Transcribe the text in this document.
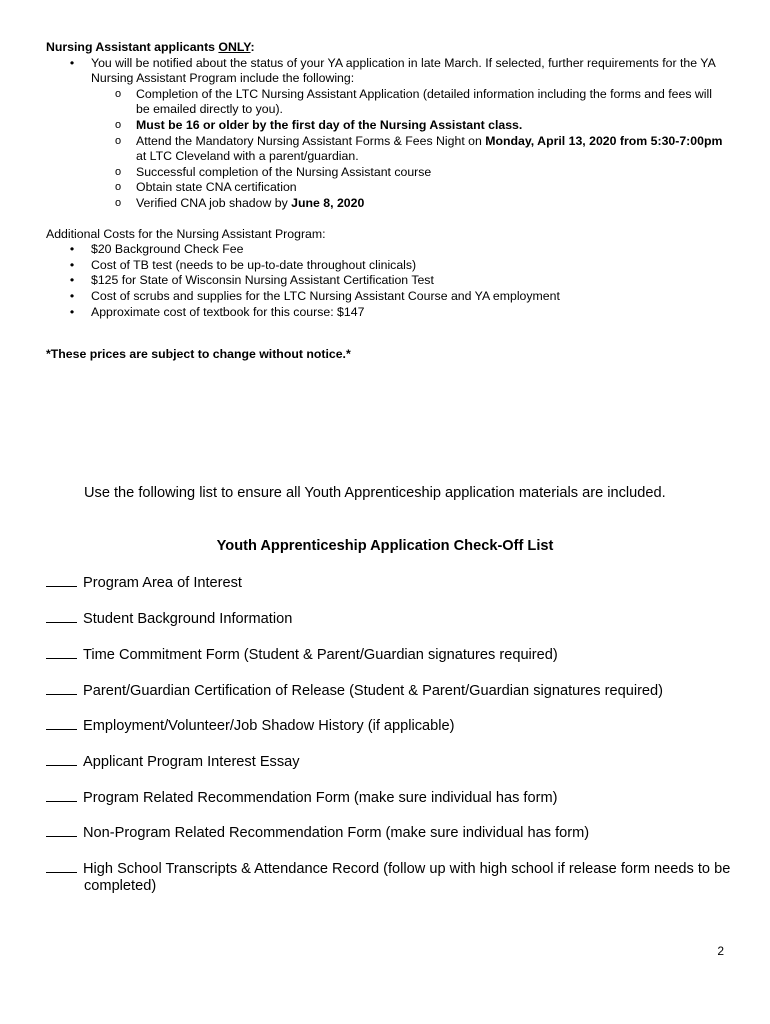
Nursing Assistant applicants ONLY:
•	You will be notified about the status of your YA application in late March. If selected, further requirements for the YA Nursing Assistant Program include the following:
o Completion of the LTC Nursing Assistant Application (detailed information including the forms and fees will be emailed directly to you).
o Must be 16 or older by the first day of the Nursing Assistant class.
o Attend the Mandatory Nursing Assistant Forms & Fees Night on Monday, April 13, 2020 from 5:30-7:00pm at LTC Cleveland with a parent/guardian.
o Successful completion of the Nursing Assistant course
o Obtain state CNA certification
o Verified CNA job shadow by June 8, 2020
Additional Costs for the Nursing Assistant Program:
•	$20 Background Check Fee
•	Cost of TB test (needs to be up-to-date throughout clinicals)
•	$125 for State of Wisconsin Nursing Assistant Certification Test
•	Cost of scrubs and supplies for the LTC Nursing Assistant Course and YA employment
•	Approximate cost of textbook for this course: $147
*These prices are subject to change without notice.*
Use the following list to ensure all Youth Apprenticeship application materials are included.
Youth Apprenticeship Application Check-Off List
Program Area of Interest
Student Background Information
Time Commitment Form (Student & Parent/Guardian signatures required)
Parent/Guardian Certification of Release (Student & Parent/Guardian signatures required)
Employment/Volunteer/Job Shadow History (if applicable)
Applicant Program Interest Essay
Program Related Recommendation Form (make sure individual has form)
Non-Program Related Recommendation Form (make sure individual has form)
High School Transcripts & Attendance Record (follow up with high school if release form needs to be completed)
2
